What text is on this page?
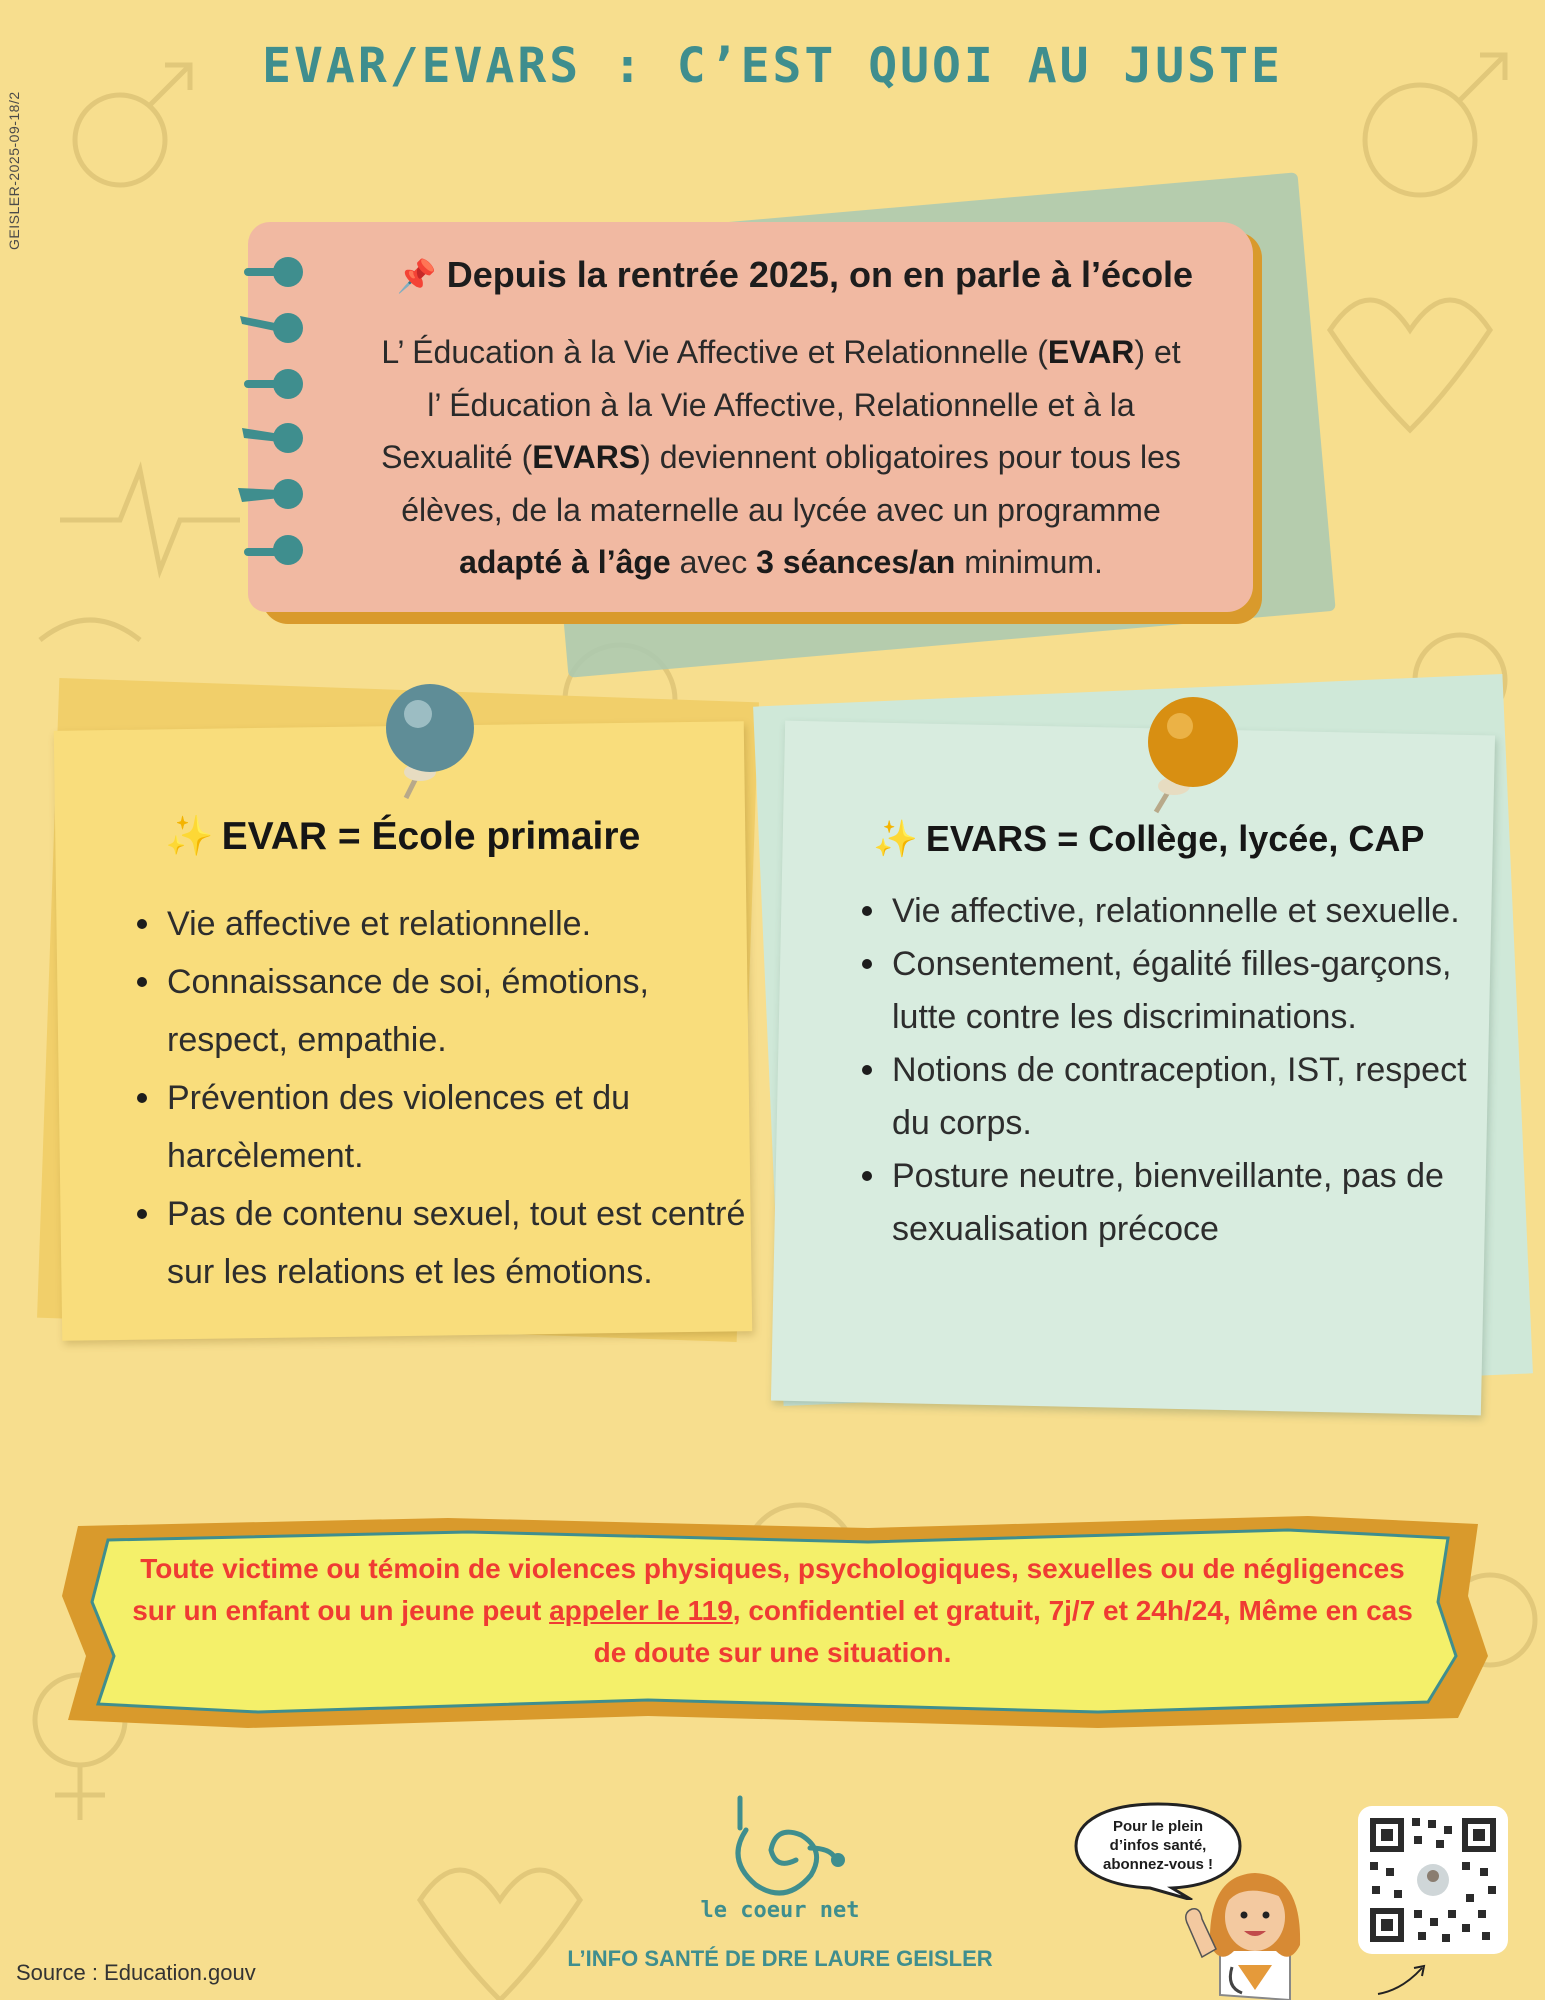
GEISLER-2025-09-18/2
EVAR/EVARS : C’EST QUOI AU JUSTE
📌 Depuis la rentrée 2025, on en parle à l’école
L’ Éducation à la Vie Affective et Relationnelle (EVAR) et
l’ Éducation à la Vie Affective, Relationnelle et à la
Sexualité (EVARS) deviennent obligatoires pour tous les
élèves, de la maternelle au lycée avec un programme
adapté à l’âge avec 3 séances/an minimum.
✨ EVAR = École primaire
Vie affective et relationnelle.
Connaissance de soi, émotions, respect, empathie.
Prévention des violences et du harcèlement.
Pas de contenu sexuel, tout est centré sur les relations et les émotions.
✨ EVARS = Collège, lycée, CAP
Vie affective, relationnelle et sexuelle.
Consentement, égalité filles-garçons, lutte contre les discriminations.
Notions de contraception, IST, respect du corps.
Posture neutre, bienveillante, pas de sexualisation précoce
Toute victime ou témoin de violences physiques, psychologiques, sexuelles ou de négligences sur un enfant ou un jeune peut appeler le 119, confidentiel et gratuit, 7j/7 et 24h/24, Même en cas de doute sur une situation.
le coeur net
L’INFO SANTÉ DE DRE LAURE GEISLER
Source : Education.gouv
Pour le plein
d’infos santé,
abonnez-vous !
